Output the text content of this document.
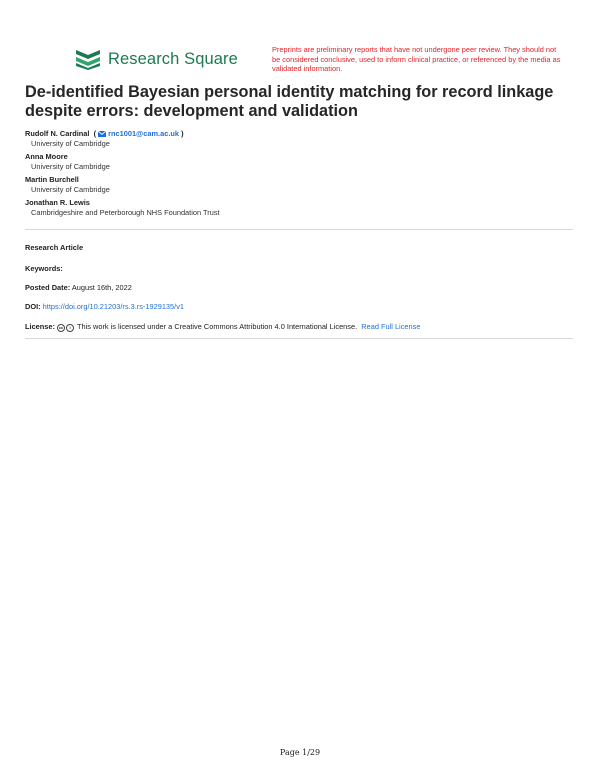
Research Square	Preprints are preliminary reports that have not undergone peer review. They should not be considered conclusive, used to inform clinical practice, or referenced by the media as validated information.
De-identified Bayesian personal identity matching for record linkage despite errors: development and validation
Rudolf N. Cardinal  ( rnc1001@cam.ac.uk )
University of Cambridge
Anna Moore
University of Cambridge
Martin Burchell
University of Cambridge
Jonathan R. Lewis
Cambridgeshire and Peterborough NHS Foundation Trust
Research Article
Keywords:
Posted Date: August 16th, 2022
DOI: https://doi.org/10.21203/rs.3.rs-1929135/v1
License: cc i This work is licensed under a Creative Commons Attribution 4.0 International License. Read Full License
Page 1/29
